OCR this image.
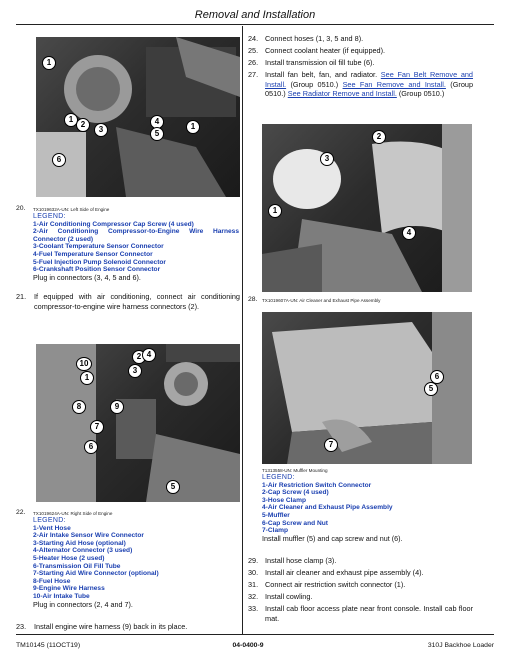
Removal and Installation
1
1
2
3
4
5
1
6
20. TX1019632A-UN: Left Side of Engine
LEGEND:
1-Air Conditioning Compressor Cap Screw (4 used)
2-Air Conditioning Compressor-to-Engine Wire Harness Connector (2 used)
3-Coolant Temperature Sensor Connector
4-Fuel Temperature Sensor Connector
5-Fuel Injection Pump Solenoid Connector
6-Crankshaft Position Sensor Connector
Plug in connectors (3, 4, 5 and 6).
21.	If equipped with air conditioning, connect air conditioning compressor-to-engine wire harness connectors (2).
10
1
2
3
4
8	9
7
6
5
22. TX1019624A-UN: Right Side of Engine
LEGEND:
1-Vent Hose
2-Air Intake Sensor Wire Connector
3-Starting Aid Hose (optional)
4-Alternator Connector (3 used)
5-Heater Hose (2 used)
6-Transmission Oil Fill Tube
7-Starting Aid Wire Connector (optional)
8-Fuel Hose
9-Engine Wire Harness
10-Air Intake Tube
Plug in connectors (2, 4 and 7).
23.	Install engine wire harness (9) back in its place.
24. Connect hoses (1, 3, 5 and 8).
25. Connect coolant heater (if equipped).
26. Install transmission oil fill tube (6).
27. Install fan belt, fan, and radiator. See Fan Belt Remove and Install. (Group 0510.) See Fan Remove and Install. (Group 0510.) See Radiator Remove and Install. (Group 0510.)
2
3
1
4
28. TX1019607A-UN: Air Cleaner and Exhaust Pipe Assembly
6
5
7
T1313558-UN: Muffler Mounting
LEGEND:
1-Air Restriction Switch Connector
2-Cap Screw (4 used)
3-Hose Clamp
4-Air Cleaner and Exhaust Pipe Assembly
5-Muffler
6-Cap Screw and Nut
7-Clamp
Install muffler (5) and cap screw and nut (6).
29. Install hose clamp (3).
30. Install air cleaner and exhaust pipe assembly (4).
31. Connect air restriction switch connector (1).
32. Install cowling.
33. Install cab floor access plate near front console. Install cab floor mat.
TM10145 (11OCT19)	04-0400-9	310J Backhoe Loader
